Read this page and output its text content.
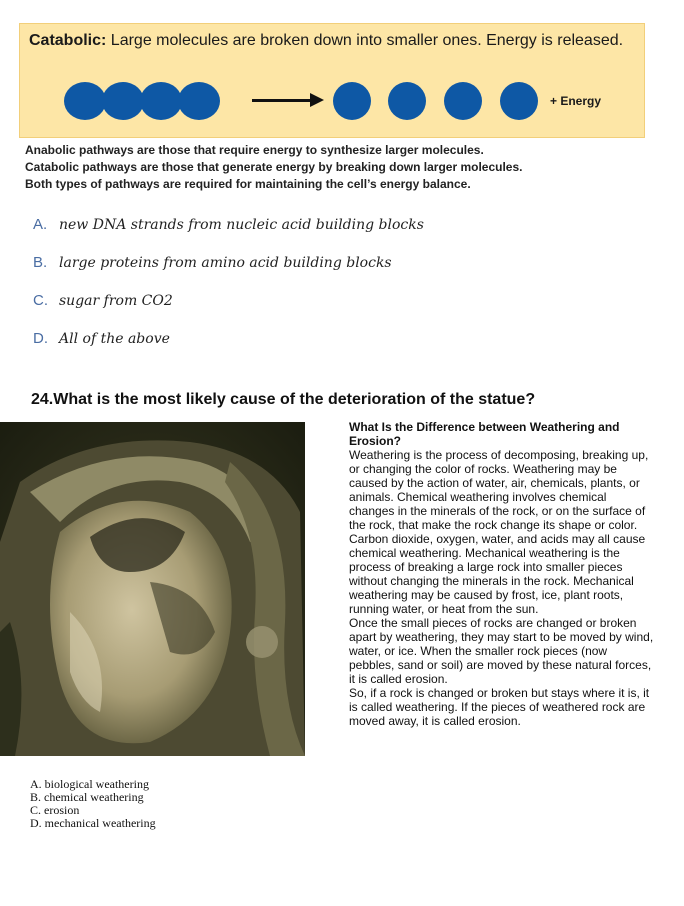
Catabolic: Large molecules are broken down into smaller ones. Energy is released.
+ Energy
Anabolic pathways are those that require energy to synthesize larger molecules.
Catabolic pathways are those that generate energy by breaking down larger molecules.
Both types of pathways are required for maintaining the cell’s energy balance.
A. new DNA strands from nucleic acid building blocks
B. large proteins from amino acid building blocks
C. sugar from CO2
D. All of the above
24.What is the most likely cause of the deterioration of the statue?

What Is the Difference between Weathering and Erosion?

Weathering is the process of decomposing, breaking up, or changing the color of rocks. Weathering may be caused by the action of water, air, chemicals, plants, or animals. Chemical weathering involves chemical changes in the minerals of the rock, or on the surface of the rock, that make the rock change its shape or color. Carbon dioxide, oxygen, water, and acids may all cause chemical weathering. Mechanical weathering is the process of breaking a large rock into smaller pieces without changing the minerals in the rock. Mechanical weathering may be caused by frost, ice, plant roots, running water, or heat from the sun.

Once the small pieces of rocks are changed or broken apart by weathering, they may start to be moved by wind, water, or ice. When the smaller rock pieces (now pebbles, sand or soil) are moved by these natural forces, it is called erosion.

So, if a rock is changed or broken but stays where it is, it is called weathering. If the pieces of weathered rock are moved away, it is called erosion.

A. biological weathering
B. chemical weathering
C. erosion
D. mechanical weathering
